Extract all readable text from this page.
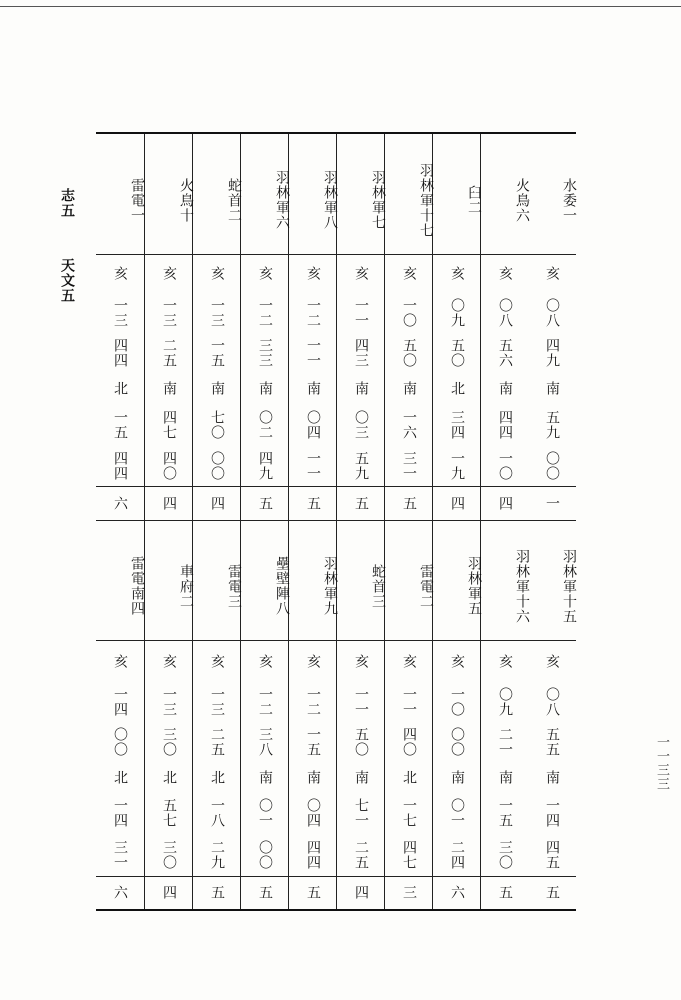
志五
天文五
一一三三
水委一
亥
〇八
四九
南
五九
〇〇
一
羽林軍十五
亥
〇八
五五
南
一四
四五
五
火鳥六
亥
〇八
五六
南
四四
一〇
四
羽林軍十六
亥
〇九
二一
南
一五
三〇
五
臼二
亥
〇九
五〇
北
三四
一九
四
羽林軍五
亥
一〇
〇〇
南
〇一
二四
六
羽林軍十七
亥
一〇
五〇
南
一六
三一
五
雷電二
亥
一一
四〇
北
一七
四七
三
羽林軍七
亥
一一
四三
南
〇三
五九
五
蛇首三
亥
一一
五〇
南
七一
二五
四
羽林軍八
亥
一二
一一
南
〇四
一一
五
羽林軍九
亥
一二
一五
南
〇四
四四
五
羽林軍六
亥
一二
三三
南
〇二
四九
五
壘壁陣八
亥
一二
三八
南
〇一
〇〇
五
蛇首二
亥
一三
一五
南
七〇
〇〇
四
雷電三
亥
一三
二五
北
一八
二九
五
火鳥十
亥
一三
二五
南
四七
四〇
四
車府二
亥
一三
三〇
北
五七
三〇
四
雷電一
亥
一三
四四
北
一五
四四
六
雷電南四
亥
一四
〇〇
北
一四
三一
六
